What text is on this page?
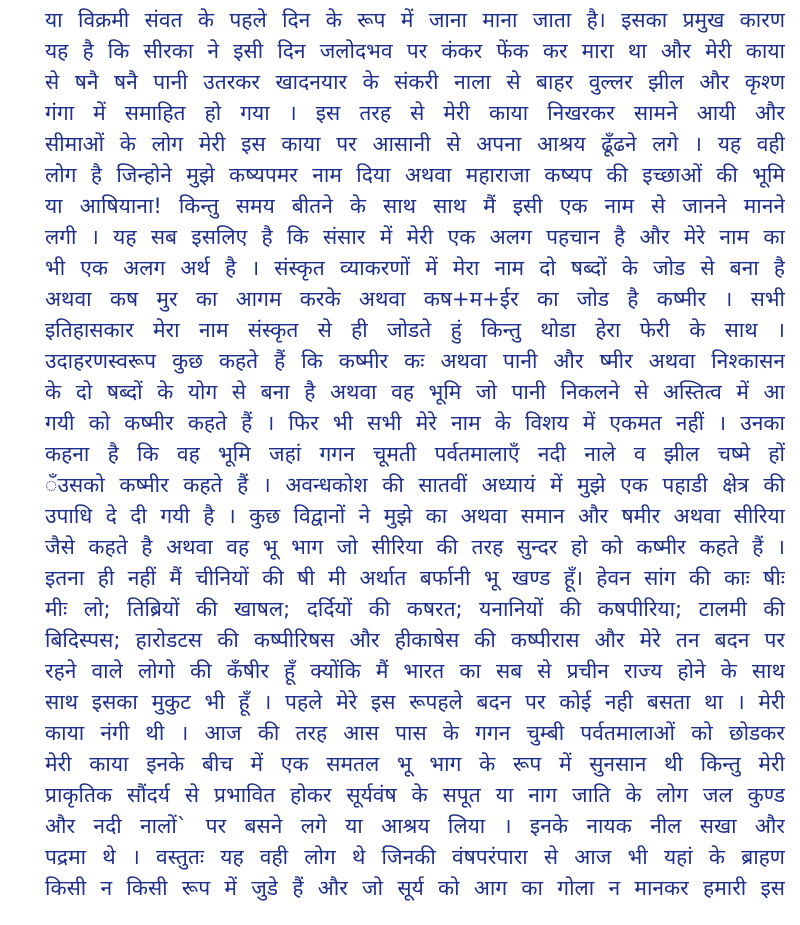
या विक्रमी संवत के पहले दिन के रूप में जाना माना जाता है। इसका प्रमुख कारण
यह है कि सीरका ने इसी दिन जलोदभव पर कंकर फेंक कर मारा था और मेरी काया
से षनै षनै पानी उतरकर खादनयार के संकरी नाला से बाहर वुल्लर झील और कृश्ण
गंगा में समाहित हो गया । इस तरह से मेरी काया निखरकर सामने आयी और
सीमाओं के लोग मेरी इस काया पर आसानी से अपना आश्रय ढूँढने लगे । यह वही
लोग है जिन्होने मुझे कष्यपमर नाम दिया अथवा महाराजा कष्यप की इच्छाओं की भूमि
या आषियाना! किन्तु समय बीतने के साथ साथ मैं इसी एक नाम से जानने मानने
लगी । यह सब इसलिए है कि संसार में मेरी एक अलग पहचान है और मेरे नाम का
भी एक अलग अर्थ है । संस्कृत व्याकरणों में मेरा नाम दो षब्दों के जोड से बना है
अथवा कष मुर का आगम करके अथवा कष+म+ईर का जोड है कष्मीर । सभी
इतिहासकार मेरा नाम संस्कृत से ही जोडते हुं किन्तु थोडा हेरा फेरी के साथ ।
उदाहरणस्वरूप कुछ कहते हैं कि कष्मीर कः अथवा पानी और ष्मीर अथवा निश्कासन
के दो षब्दों के योग से बना है अथवा वह भूमि जो पानी निकलने से अस्तित्व में आ
गयी को कष्मीर कहते हैं । फिर भी सभी मेरे नाम के विशय में एकमत नहीं । उनका
कहना है कि वह भूमि जहां गगन चूमती पर्वतमालाएँ नदी नाले व झील चष्मे हों
ँउसको कष्मीर कहते हैं । अवन्धकोश की सातवीं अध्यायं में मुझे एक पहाडी क्षेत्र की
उपाधि दे दी गयी है । कुछ विद्वानों ने मुझे का अथवा समान और षमीर अथवा सीरिया
जैसे कहते है अथवा वह भू भाग जो सीरिया की तरह सुन्दर हो को कष्मीर कहते हैं ।
इतना ही नहीं मैं चीनियों की षी मी अर्थात बर्फानी भू खण्ड हूँ। हेवन सांग की काः षीः
मीः लो; तिब्रियों की खाषल; दर्दियों की कषरत; यनानियों की कषपीरिया; टालमी की
बिदिस्पस; हारोडटस की कष्पीरिषस और हीकाषेस की कष्पीरास और मेरे तन बदन पर
रहने वाले लोगो की कँषीर हूँ क्योंकि मैं भारत का सब से प्रचीन राज्य होने के साथ
साथ इसका मुकुट भी हूँ । पहले मेरे इस रूपहले बदन पर कोई नही बसता था । मेरी
काया नंगी थी । आज की तरह आस पास के गगन चुम्बी पर्वतमालाओं को छोडकर
मेरी काया इनके बीच में एक समतल भू भाग के रूप में सुनसान थी किन्तु मेरी
प्राकृतिक सौंदर्य से प्रभावित होकर सूर्यवंष के सपूत या नाग जाति के लोग जल कुण्ड
और नदी नालों` पर बसने लगे या आश्रय लिया । इनके नायक नील सखा और
पद्रमा थे । वस्तुतः यह वही लोग थे जिनकी वंषपरंपारा से आज भी यहां के ब्राहण
किसी न किसी रूप में जुडे हैं और जो सूर्य को आग का गोला न मानकर हमारी इस
